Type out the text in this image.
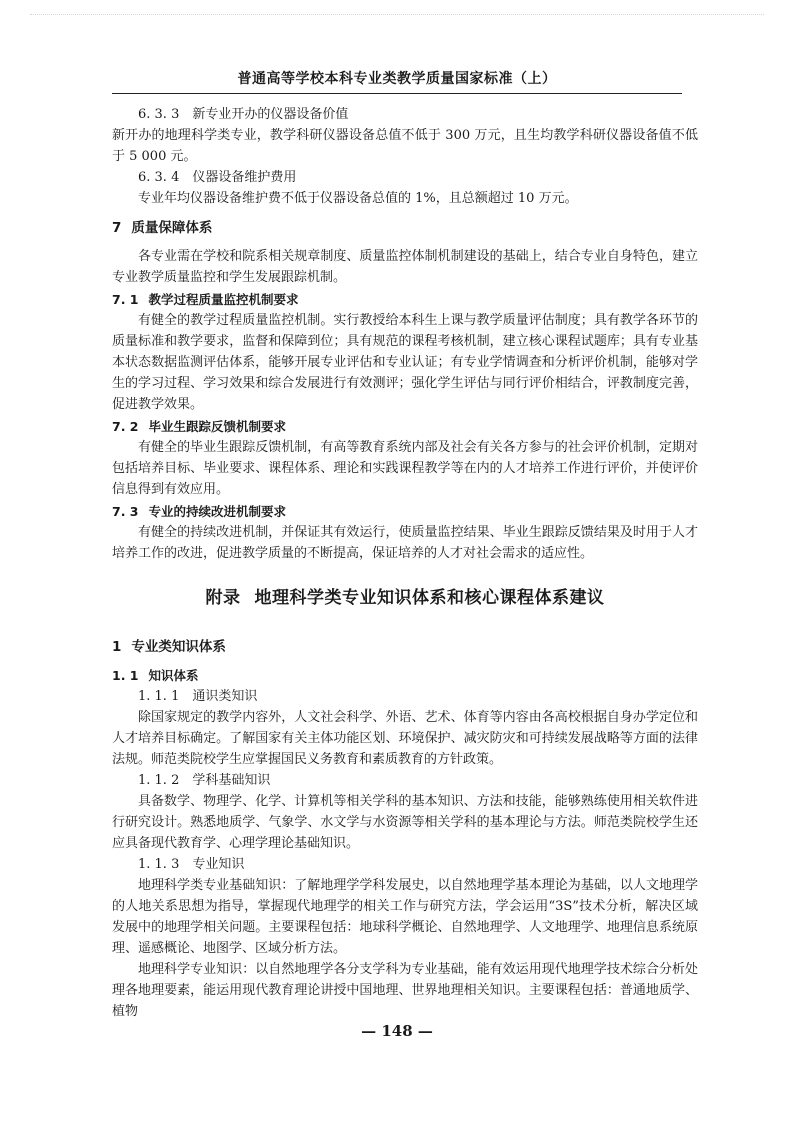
普通高等学校本科专业类教学质量国家标准（上）

6. 3. 3　新专业开办的仪器设备价值

新开办的地理科学类专业，教学科研仪器设备总值不低于 300 万元，且生均教学科研仪器设备值不低于 5 000 元。

6. 3. 4　仪器设备维护费用

专业年均仪器设备维护费不低于仪器设备总值的 1%，且总额超过 10 万元。

7 质量保障体系

各专业需在学校和院系相关规章制度、质量监控体制机制建设的基础上，结合专业自身特色，建立专业教学质量监控和学生发展跟踪机制。

7. 1 教学过程质量监控机制要求

有健全的教学过程质量监控机制。实行教授给本科生上课与教学质量评估制度；具有教学各环节的质量标准和教学要求，监督和保障到位；具有规范的课程考核机制，建立核心课程试题库；具有专业基本状态数据监测评估体系，能够开展专业评估和专业认证；有专业学情调查和分析评价机制，能够对学生的学习过程、学习效果和综合发展进行有效测评；强化学生评估与同行评价相结合，评教制度完善，促进教学效果。

7. 2 毕业生跟踪反馈机制要求

有健全的毕业生跟踪反馈机制，有高等教育系统内部及社会有关各方参与的社会评价机制，定期对包括培养目标、毕业要求、课程体系、理论和实践课程教学等在内的人才培养工作进行评价，并使评价信息得到有效应用。

7. 3 专业的持续改进机制要求

有健全的持续改进机制，并保证其有效运行，使质量监控结果、毕业生跟踪反馈结果及时用于人才培养工作的改进，促进教学质量的不断提高，保证培养的人才对社会需求的适应性。

附录 地理科学类专业知识体系和核心课程体系建议
1 专业类知识体系
1. 1 知识体系

1. 1. 1　通识类知识

除国家规定的教学内容外，人文社会科学、外语、艺术、体育等内容由各高校根据自身办学定位和人才培养目标确定。了解国家有关主体功能区划、环境保护、减灾防灾和可持续发展战略等方面的法律法规。师范类院校学生应掌握国民义务教育和素质教育的方针政策。

1. 1. 2　学科基础知识

具备数学、物理学、化学、计算机等相关学科的基本知识、方法和技能，能够熟练使用相关软件进行研究设计。熟悉地质学、气象学、水文学与水资源等相关学科的基本理论与方法。师范类院校学生还应具备现代教育学、心理学理论基础知识。

1. 1. 3　专业知识

地理科学类专业基础知识：了解地理学学科发展史，以自然地理学基本理论为基础，以人文地理学的人地关系思想为指导，掌握现代地理学的相关工作与研究方法，学会运用“3S”技术分析，解决区域发展中的地理学相关问题。主要课程包括：地球科学概论、自然地理学、人文地理学、地理信息系统原理、遥感概论、地图学、区域分析方法。

地理科学专业知识：以自然地理学各分支学科为专业基础，能有效运用现代地理学技术综合分析处理各地理要素，能运用现代教育理论讲授中国地理、世界地理相关知识。主要课程包括：普通地质学、植物

— 148 —
